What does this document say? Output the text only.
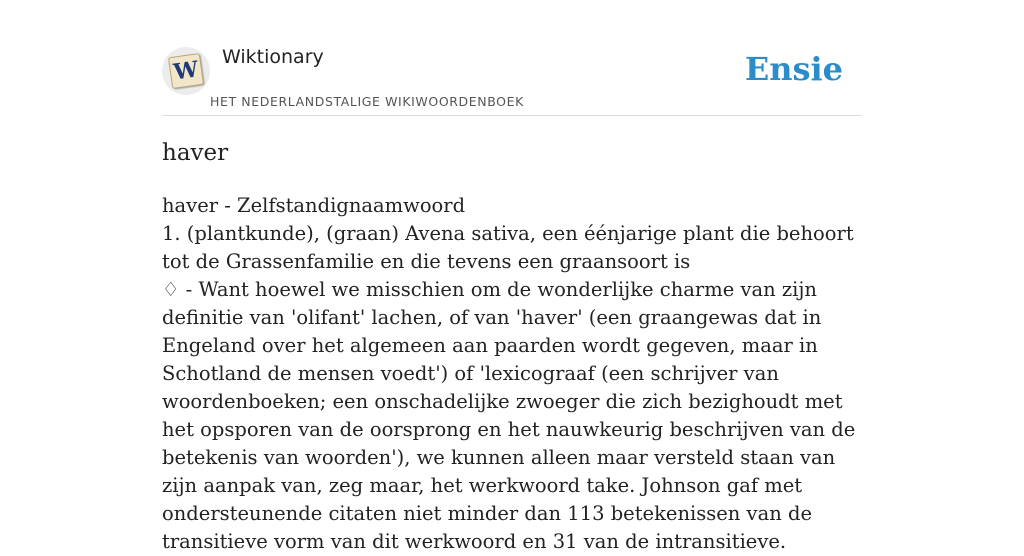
W Wiktionary
HET NEDERLANDSTALIGE WIKIWOORDENBOEK
Ensie
haver

haver - Zelfstandignaamwoord

1. (plantkunde), (graan) Avena sativa, een éénjarige plant die behoort tot de Grassenfamilie en die tevens een graansoort is

♢ - Want hoewel we misschien om de wonderlijke charme van zijn definitie van 'olifant' lachen, of van 'haver' (een graangewas dat in Engeland over het algemeen aan paarden wordt gegeven, maar in Schotland de mensen voedt') of 'lexicograaf (een schrijver van woordenboeken; een onschadelijke zwoeger die zich bezighoudt met het opsporen van de oorsprong en het nauwkeurig beschrijven van de betekenis van woorden'), we kunnen alleen maar versteld staan van zijn aanpak van, zeg maar, het werkwoord take. Johnson gaf met ondersteunende citaten niet minder dan 113 betekenissen van de transitieve vorm van dit werkwoord en 31 van de intransitieve.
